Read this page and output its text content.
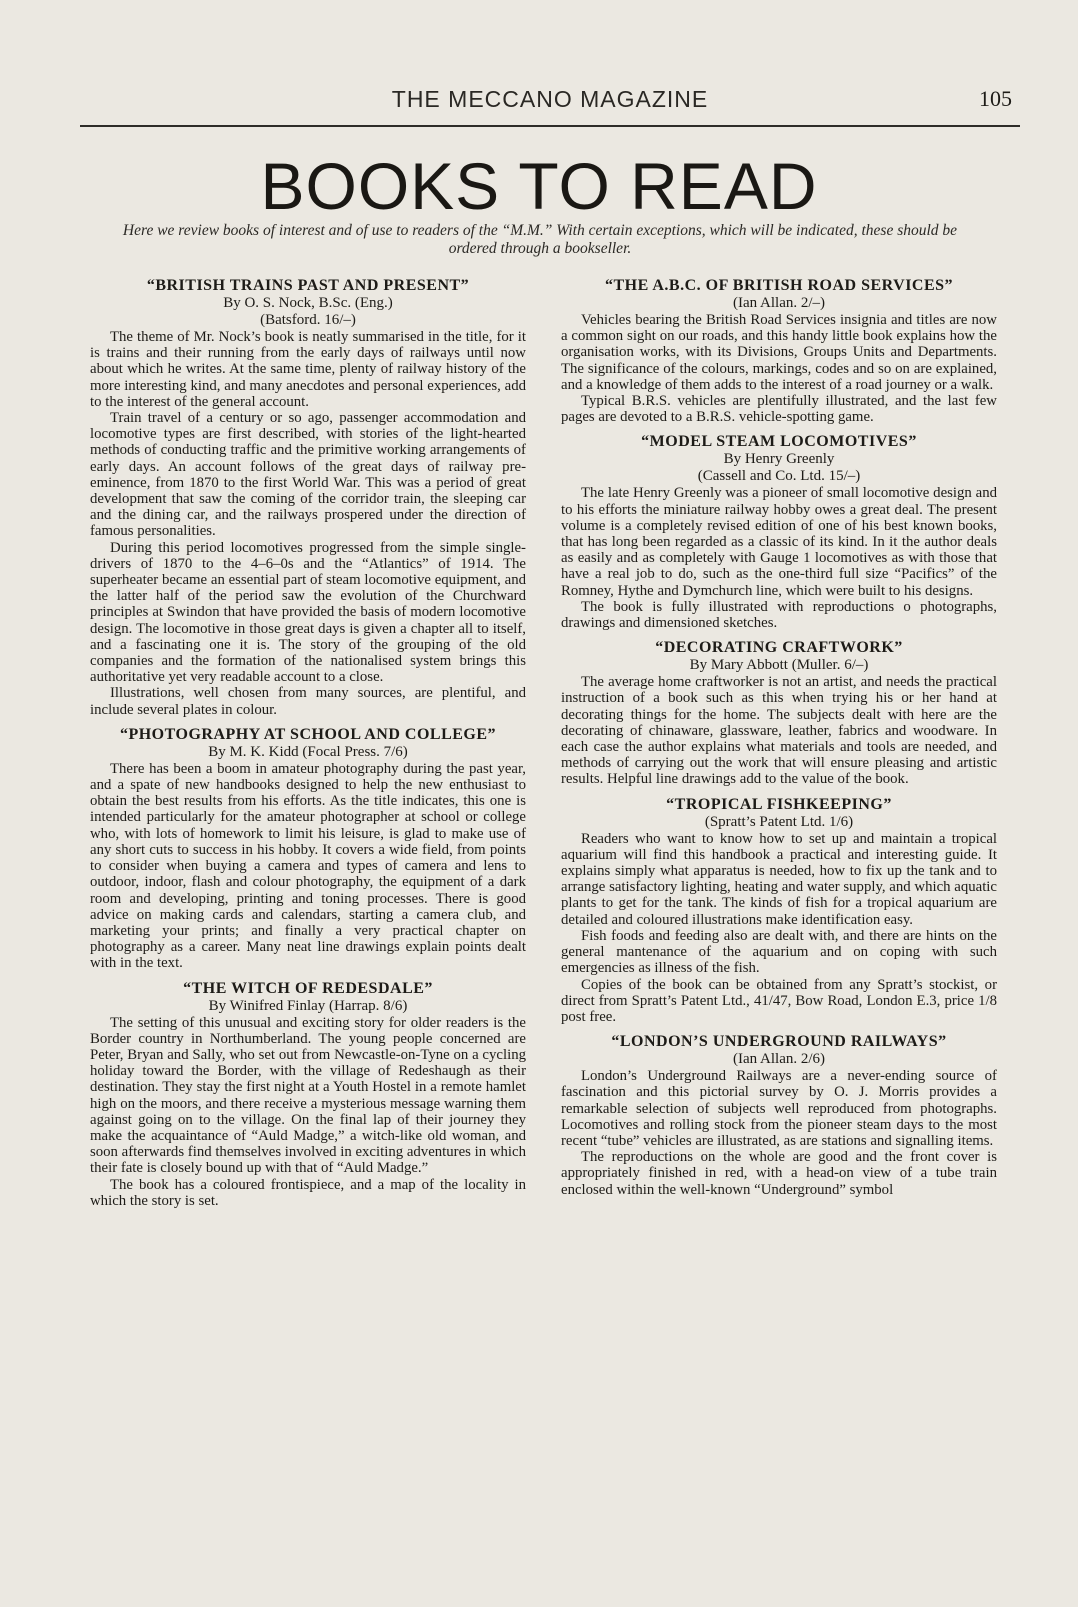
THE MECCANO MAGAZINE	105
BOOKS TO READ
Here we review books of interest and of use to readers of the “M.M.” With certain exceptions, which will be indicated, these should be ordered through a bookseller.
“BRITISH TRAINS PAST AND PRESENT”
By O. S. Nock, B.Sc. (Eng.)
(Batsford. 16/–)

The theme of Mr. Nock’s book is neatly summarised in the title, for it is trains and their running from the early days of railways until now about which he writes. At the same time, plenty of railway history of the more interesting kind, and many anecdotes and personal experiences, add to the interest of the general account.

Train travel of a century or so ago, passenger accommodation and locomotive types are first described, with stories of the light-hearted methods of conducting traffic and the primitive working arrangements of early days. An account follows of the great days of railway pre-eminence, from 1870 to the first World War. This was a period of great development that saw the coming of the corridor train, the sleeping car and the dining car, and the railways prospered under the direction of famous personalities.

During this period locomotives progressed from the simple single-drivers of 1870 to the 4–6–0s and the “Atlantics” of 1914. The superheater became an essential part of steam locomotive equipment, and the latter half of the period saw the evolution of the Churchward principles at Swindon that have provided the basis of modern locomotive design. The locomotive in those great days is given a chapter all to itself, and a fascinating one it is. The story of the grouping of the old companies and the formation of the nationalised system brings this authoritative yet very readable account to a close.

Illustrations, well chosen from many sources, are plentiful, and include several plates in colour.

“PHOTOGRAPHY AT SCHOOL AND COLLEGE”
By M. K. Kidd (Focal Press. 7/6)

There has been a boom in amateur photography during the past year, and a spate of new handbooks designed to help the new enthusiast to obtain the best results from his efforts. As the title indicates, this one is intended particularly for the amateur photographer at school or college who, with lots of homework to limit his leisure, is glad to make use of any short cuts to success in his hobby. It covers a wide field, from points to consider when buying a camera and types of camera and lens to outdoor, indoor, flash and colour photography, the equipment of a dark room and developing, printing and toning processes. There is good advice on making cards and calendars, starting a camera club, and marketing your prints; and finally a very practical chapter on photography as a career. Many neat line drawings explain points dealt with in the text.

“THE WITCH OF REDESDALE”
By Winifred Finlay (Harrap. 8/6)

The setting of this unusual and exciting story for older readers is the Border country in Northumberland. The young people concerned are Peter, Bryan and Sally, who set out from Newcastle-on-Tyne on a cycling holiday toward the Border, with the village of Redeshaugh as their destination. They stay the first night at a Youth Hostel in a remote hamlet high on the moors, and there receive a mysterious message warning them against going on to the village. On the final lap of their journey they make the acquaintance of “Auld Madge,” a witch-like old woman, and soon afterwards find themselves involved in exciting adventures in which their fate is closely bound up with that of “Auld Madge.”

The book has a coloured frontispiece, and a map of the locality in which the story is set.

“THE A.B.C. OF BRITISH ROAD SERVICES”
(Ian Allan. 2/–)

Vehicles bearing the British Road Services insignia and titles are now a common sight on our roads, and this handy little book explains how the organisation works, with its Divisions, Groups Units and Departments. The significance of the colours, markings, codes and so on are explained, and a knowledge of them adds to the interest of a road journey or a walk.

Typical B.R.S. vehicles are plentifully illustrated, and the last few pages are devoted to a B.R.S. vehicle-spotting game.

“MODEL STEAM LOCOMOTIVES”
By Henry Greenly
(Cassell and Co. Ltd. 15/–)

The late Henry Greenly was a pioneer of small locomotive design and to his efforts the miniature railway hobby owes a great deal. The present volume is a completely revised edition of one of his best known books, that has long been regarded as a classic of its kind. In it the author deals as easily and as completely with Gauge 1 locomotives as with those that have a real job to do, such as the one-third full size “Pacifics” of the Romney, Hythe and Dymchurch line, which were built to his designs.

The book is fully illustrated with reproductions o photographs, drawings and dimensioned sketches.

“DECORATING CRAFTWORK”
By Mary Abbott (Muller. 6/–)

The average home craftworker is not an artist, and needs the practical instruction of a book such as this when trying his or her hand at decorating things for the home. The subjects dealt with here are the decorating of chinaware, glassware, leather, fabrics and woodware. In each case the author explains what materials and tools are needed, and methods of carrying out the work that will ensure pleasing and artistic results. Helpful line drawings add to the value of the book.

“TROPICAL FISHKEEPING”
(Spratt’s Patent Ltd. 1/6)

Readers who want to know how to set up and maintain a tropical aquarium will find this handbook a practical and interesting guide. It explains simply what apparatus is needed, how to fix up the tank and to arrange satisfactory lighting, heating and water supply, and which aquatic plants to get for the tank. The kinds of fish for a tropical aquarium are detailed and coloured illustrations make identification easy.

Fish foods and feeding also are dealt with, and there are hints on the general mantenance of the aquarium and on coping with such emergencies as illness of the fish.

Copies of the book can be obtained from any Spratt’s stockist, or direct from Spratt’s Patent Ltd., 41/47, Bow Road, London E.3, price 1/8 post free.

“LONDON’S UNDERGROUND RAILWAYS”
(Ian Allan. 2/6)

London’s Underground Railways are a never-ending source of fascination and this pictorial survey by O. J. Morris provides a remarkable selection of subjects well reproduced from photographs. Locomotives and rolling stock from the pioneer steam days to the most recent “tube” vehicles are illustrated, as are stations and signalling items.

The reproductions on the whole are good and the front cover is appropriately finished in red, with a head-on view of a tube train enclosed within the well-known “Underground” symbol
